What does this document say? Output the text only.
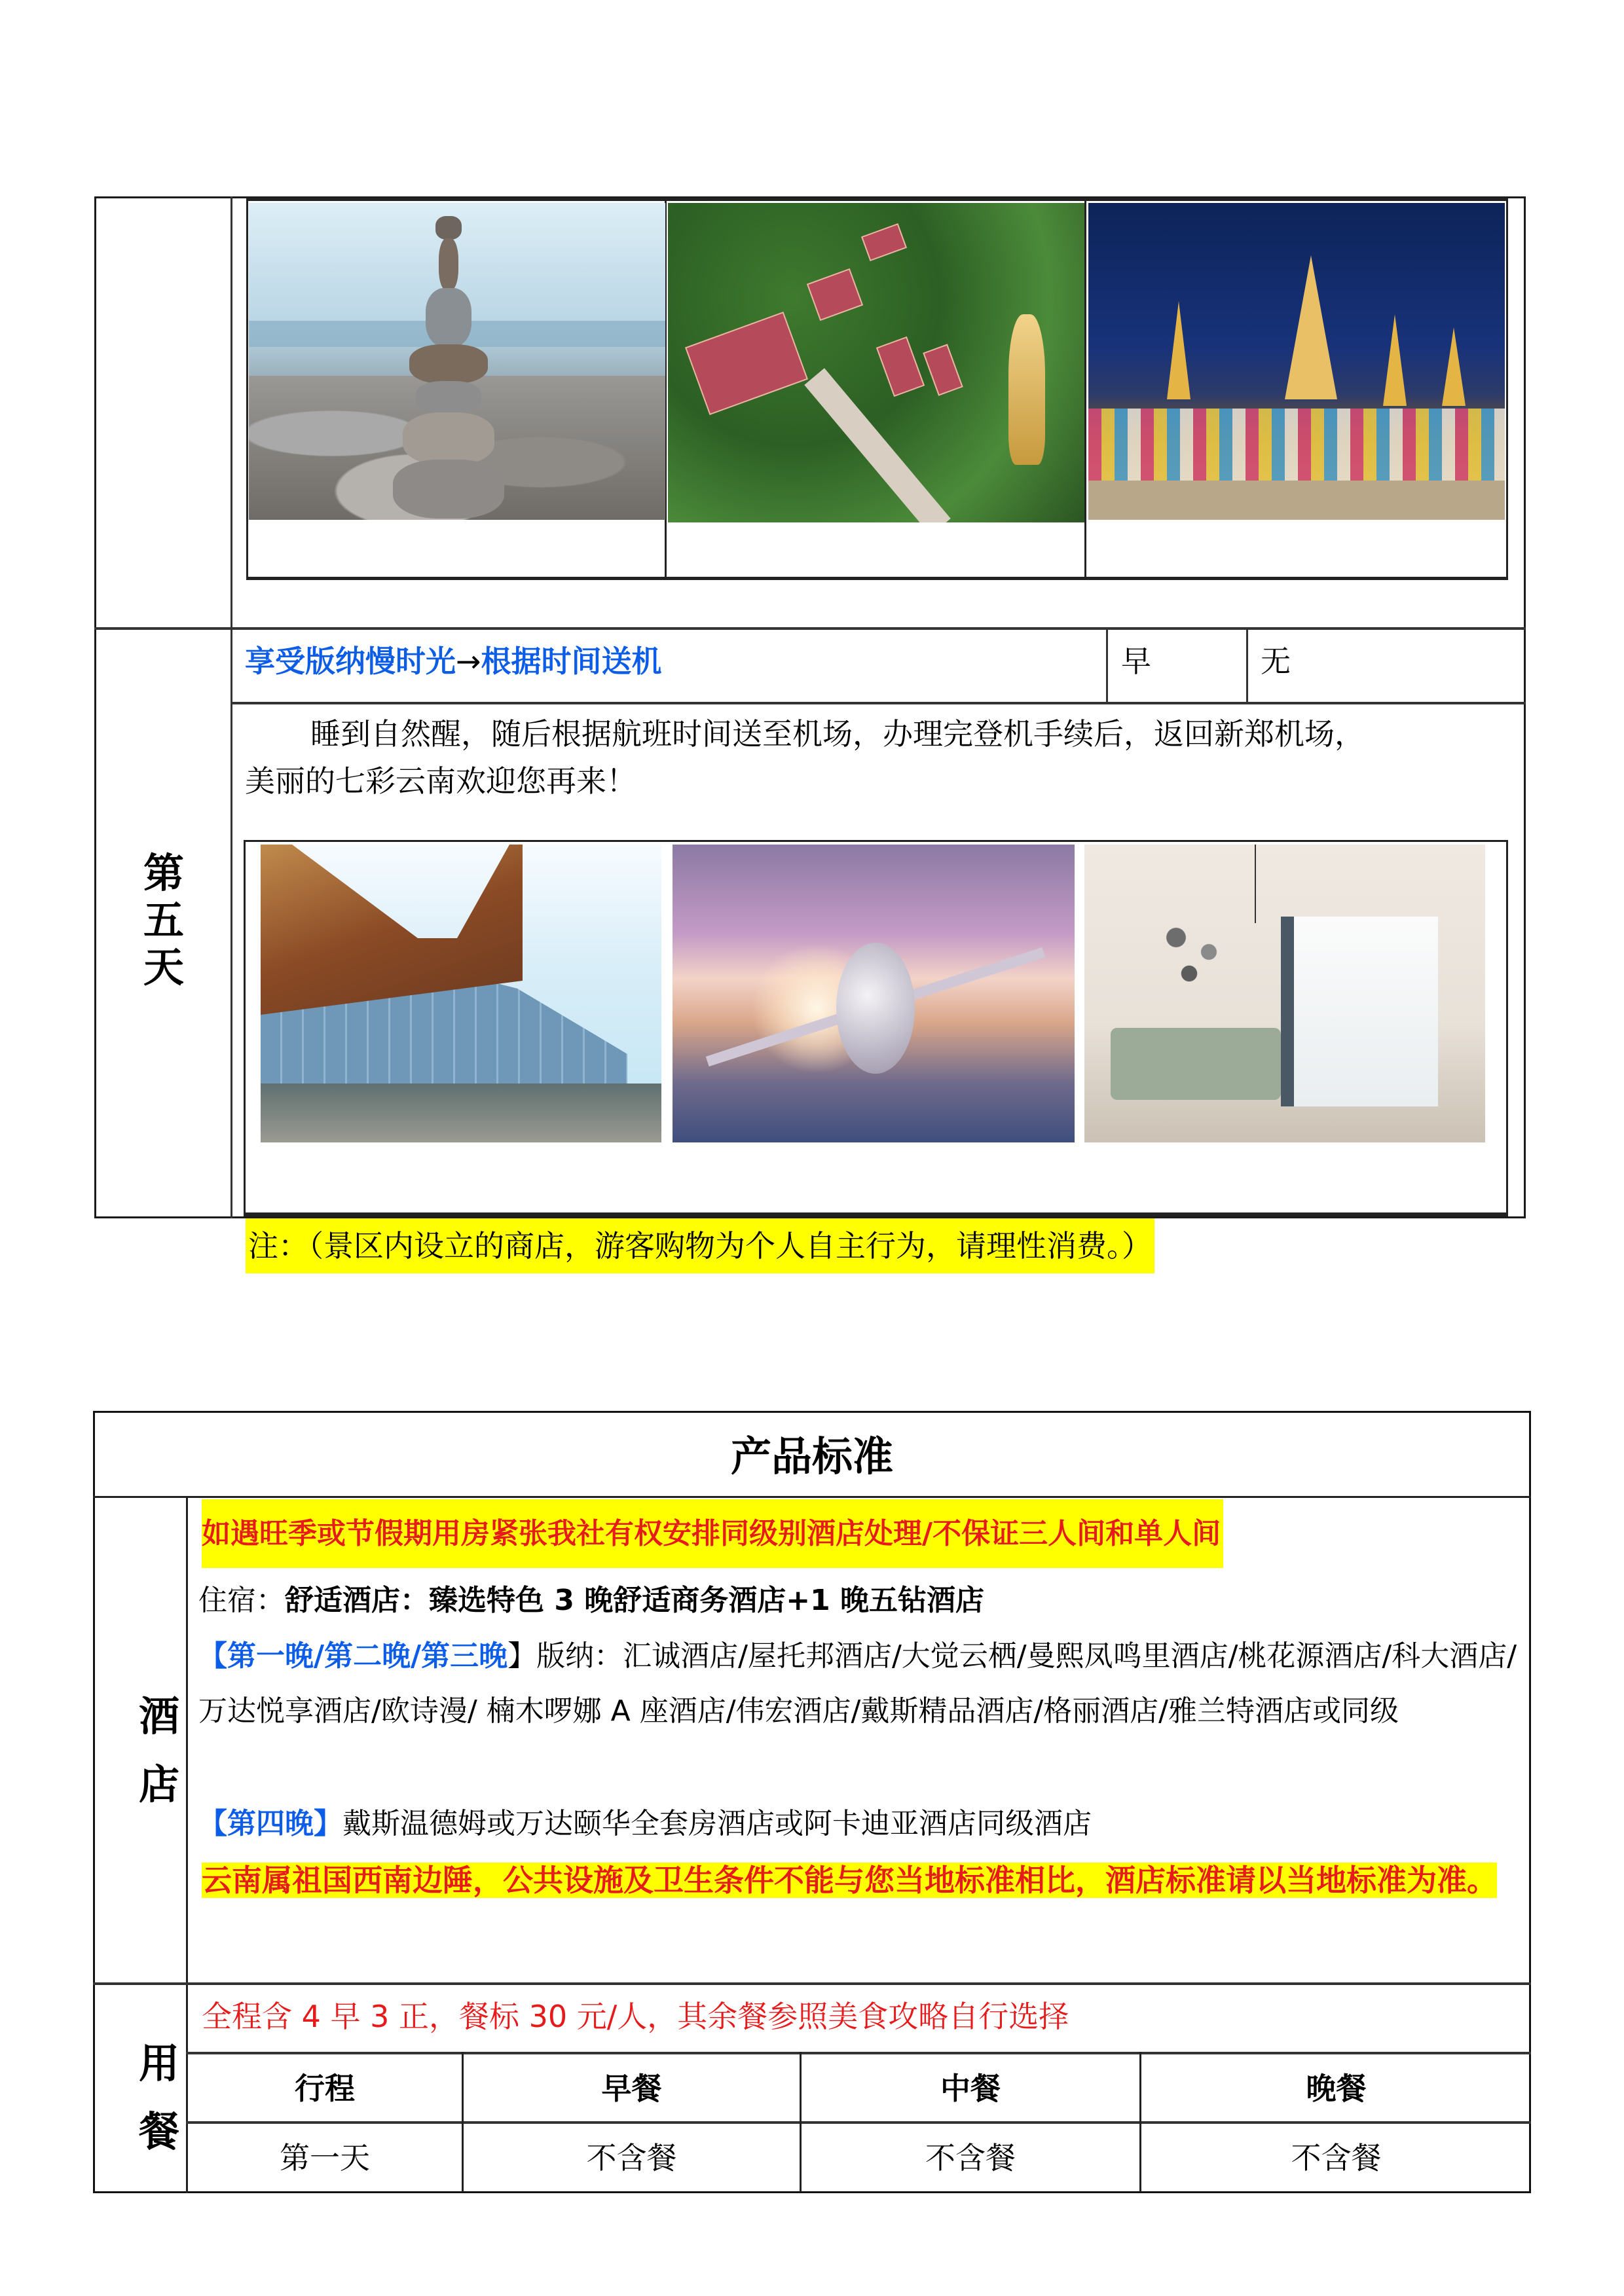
享受版纳慢时光→根据时间送机	早	无
第
五
天
睡到自然醒，随后根据航班时间送至机场，办理完登机手续后，返回新郑机场，
美丽的七彩云南欢迎您再来！
注：（景区内设立的商店，游客购物为个人自主行为，请理性消费。）
产品标准
酒
店
如遇旺季或节假期用房紧张我社有权安排同级别酒店处理/不保证三人间和单人间
住宿：舒适酒店：臻选特色 3 晚舒适商务酒店+1 晚五钻酒店
【第一晚/第二晚/第三晚】版纳：汇诚酒店/屋托邦酒店/大觉云栖/曼熙凤鸣里酒店/桃花源酒店/科大酒店/万达悦享酒店/欧诗漫/ 楠木啰娜 A 座酒店/伟宏酒店/戴斯精品酒店/格丽酒店/雅兰特酒店或同级
【第四晚】戴斯温德姆或万达颐华全套房酒店或阿卡迪亚酒店同级酒店
云南属祖国西南边陲，公共设施及卫生条件不能与您当地标准相比，酒店标准请以当地标准为准。
用
餐
全程含 4 早 3 正，餐标 30 元/人，其余餐参照美食攻略自行选择
行程	早餐	中餐	晚餐
第一天	不含餐	不含餐	不含餐
